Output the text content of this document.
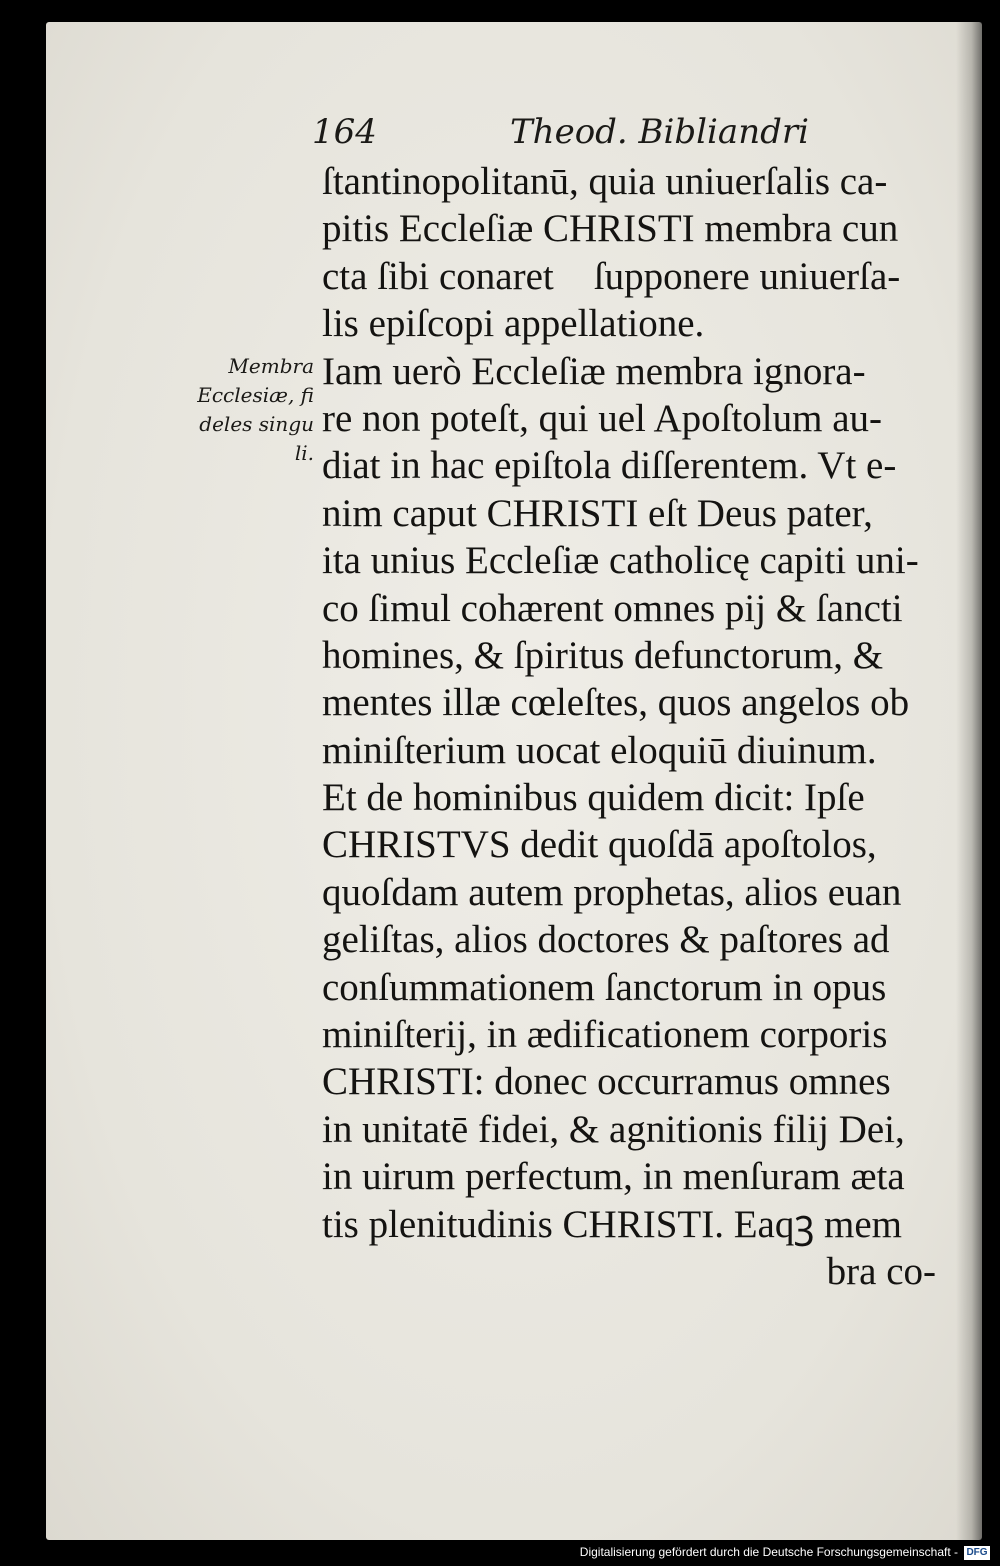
164	Theod. Bibliandri
Membra
Ecclesiæ, fi
deles singu
li.
ſtantinopolitanū, quia uniuerſalis ca-
pitis Eccleſiæ CHRISTI membra cun
cta ſibi conaretᷓ ſupponere uniuerſa-
lis epiſcopi appellatione.
Iam uerò Eccleſiæ membra ignora-
re non poteſt, qui uel Apoſtolum au-
diat in hac epiſtola diſſerentem. Vt e-
nim caput CHRISTI eſt Deus pater,
ita unius Eccleſiæ catholicę capiti uni-
co ſimul cohærent omnes pij & ſancti
homines, & ſpiritus defunctorum, &
mentes illæ cœleſtes, quos angelos ob
miniſterium uocat eloquiū diuinum.
Et de hominibus quidem dicit: Ipſe
CHRISTVS dedit quoſdā apoſtolos,
quoſdam autem prophetas, alios euan
geliſtas, alios doctores & paſtores ad
conſummationem ſanctorum in opus
miniſterij, in ædificationem corporis
CHRISTI: donec occurramus omnes
in unitatē fidei, & agnitionis filij Dei,
in uirum perfectum, in menſuram æta
tis plenitudinis CHRISTI. Eaqꝫ mem
bra co-
Digitalisierung gefördert durch die Deutsche Forschungsgemeinschaft - DFG
